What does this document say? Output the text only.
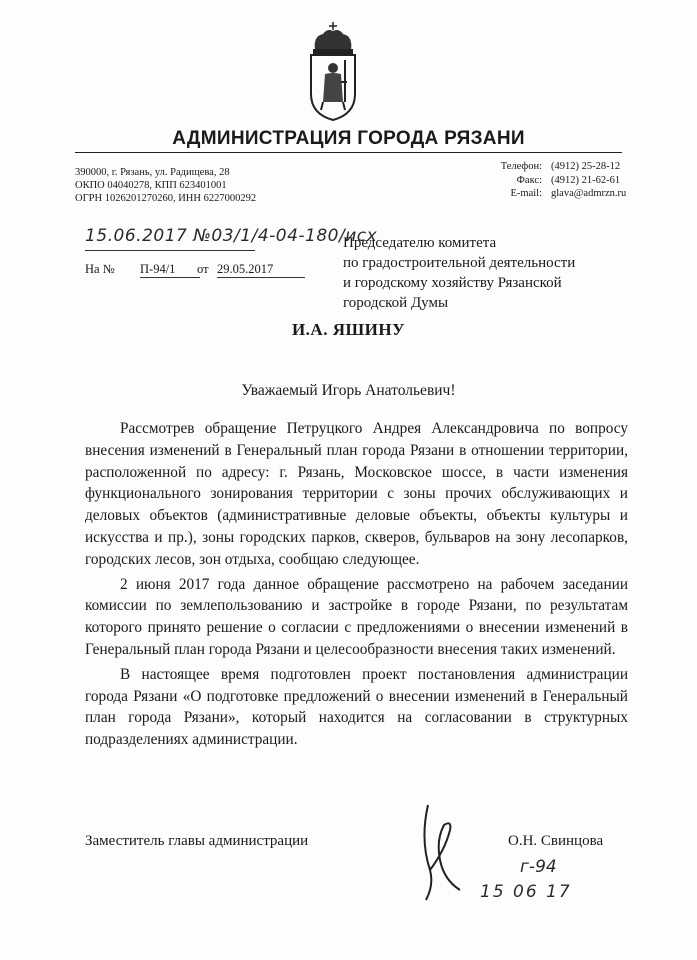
АДМИНИСТРАЦИЯ ГОРОДА РЯЗАНИ
390000, г. Рязань, ул. Радищева, 28
ОКПО 04040278, КПП 623401001
ОГРН 1026201270260, ИНН 6227000292
Телефон:
Факс:
E-mail:
(4912) 25-28-12
(4912) 21-62-61
glava@admrzn.ru
15.06.2017 №03/1/4-04-180/исх
На № П-94/1	от 29.05.2017
Председателю комитета
по градостроительной деятельности
и городскому хозяйству Рязанской
городской Думы
И.А. ЯШИНУ
Уважаемый Игорь Анатольевич!

Рассмотрев обращение Петруцкого Андрея Александровича по вопросу внесения изменений в Генеральный план города Рязани в отношении территории, расположенной по адресу: г. Рязань, Московское шоссе, в части изменения функционального зонирования территории с зоны прочих обслуживающих и деловых объектов (административные деловые объекты, объекты культуры и искусства и пр.), зоны городских парков, скверов, бульваров на зону лесопарков, городских лесов, зон отдыха, сообщаю следующее.

2 июня 2017 года данное обращение рассмотрено на рабочем заседании комиссии по землепользованию и застройке в городе Рязани, по результатам которого принято решение о согласии с предложениями о внесении изменений в Генеральный план города Рязани и целесообразности внесения таких изменений.

В настоящее время подготовлен проект постановления администрации города Рязани «О подготовке предложений о внесении изменений в Генеральный план города Рязани», который находится на согласовании в структурных подразделениях администрации.

Заместитель главы администрации	О.Н. Свинцова
г-94
15 06 17
